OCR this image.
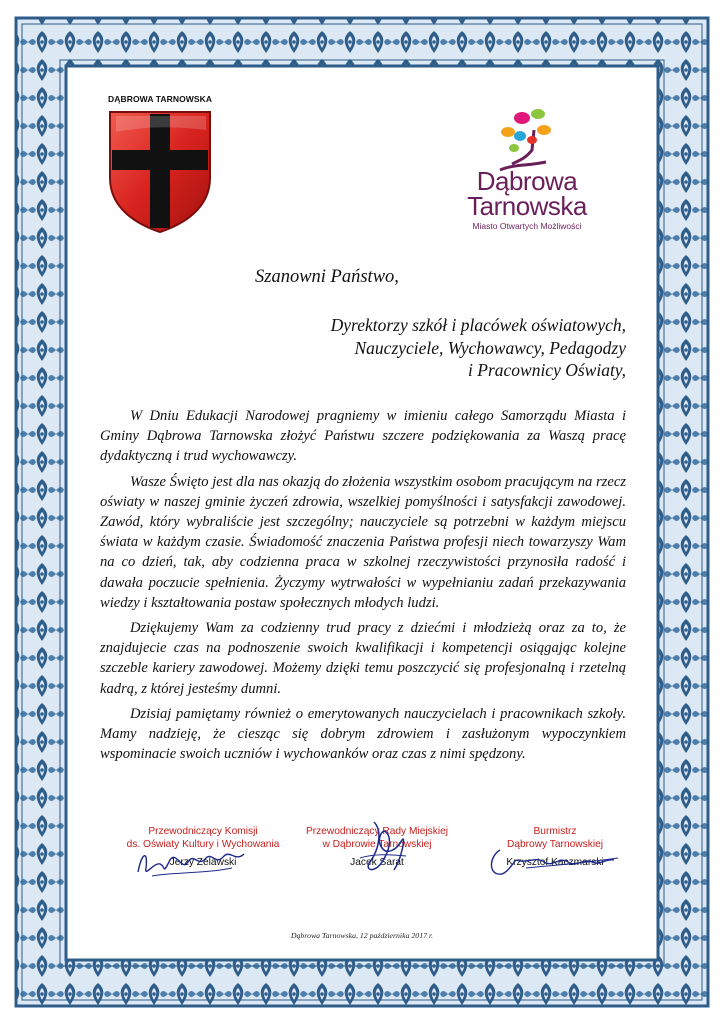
DĄBROWA TARNOWSKA
Dąbrowa
Tarnowska
Miasto Otwartych Możliwości
Szanowni Państwo,
Dyrektorzy szkół i placówek oświatowych,
Nauczyciele, Wychowawcy, Pedagodzy
i Pracownicy Oświaty,

W Dniu Edukacji Narodowej pragniemy w imieniu całego Samorządu Miasta i Gminy Dąbrowa Tarnowska złożyć Państwu szczere podziękowania za Waszą pracę dydaktyczną i trud wychowawczy.

Wasze Święto jest dla nas okazją do złożenia wszystkim osobom pracującym na rzecz oświaty w naszej gminie życzeń zdrowia, wszelkiej pomyślności i satysfakcji zawodowej. Zawód, który wybraliście jest szczególny; nauczyciele są potrzebni w każdym miejscu świata w każdym czasie. Świadomość znaczenia Państwa profesji niech towarzyszy Wam na co dzień, tak, aby codzienna praca w szkolnej rzeczywistości przynosiła radość i dawała poczucie spełnienia. Życzymy wytrwałości w wypełnianiu zadań przekazywania wiedzy i kształtowania postaw społecznych młodych ludzi.

Dziękujemy Wam za codzienny trud pracy z dziećmi i młodzieżą oraz za to, że znajdujecie czas na podnoszenie swoich kwalifikacji i kompetencji osiągając kolejne szczeble kariery zawodowej. Możemy dzięki temu poszczycić się profesjonalną i rzetelną kadrą, z której jesteśmy dumni.

Dzisiaj pamiętamy również o emerytowanych nauczycielach i pracownikach szkoły. Mamy nadzieję, że ciesząc się dobrym zdrowiem i zasłużonym wypoczynkiem wspominacie swoich uczniów i wychowanków oraz czas z nimi spędzony.

Przewodniczący Komisji
ds. Oświaty Kultury i Wychowania
Jerzy Zelawski
Przewodniczący Rady Miejskiej
w Dąbrowie Tarnowskiej
Jacek Sarat
Burmistrz
Dąbrowy Tarnowskiej
Krzysztof Kaczmarski
Dąbrowa Tarnowska, 12 października 2017 r.
